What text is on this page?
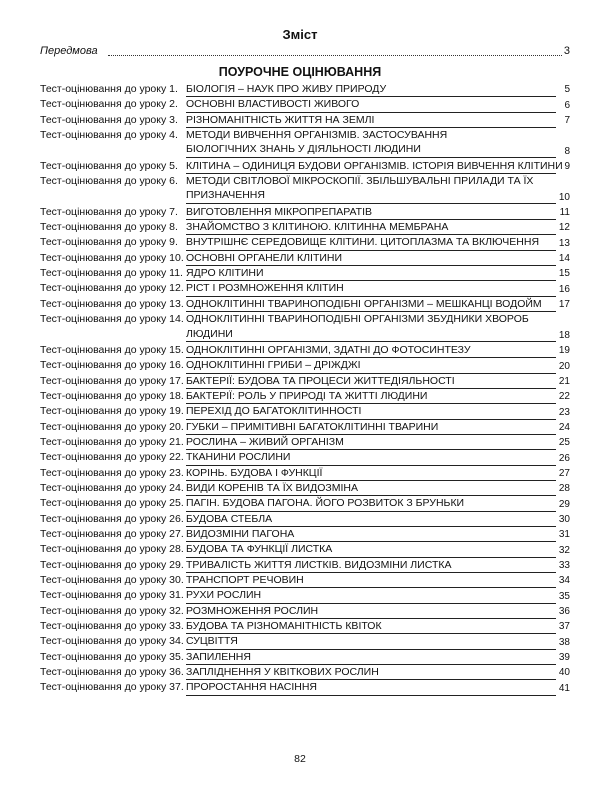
Зміст
Передмова	3
ПОУРОЧНЕ ОЦІНЮВАННЯ
Тест-оцінювання до уроку 1. БІОЛОГІЯ – НАУК ПРО ЖИВУ ПРИРОДУ	5
Тест-оцінювання до уроку 2. ОСНОВНІ ВЛАСТИВОСТІ ЖИВОГО	6
Тест-оцінювання до уроку 3. РІЗНОМАНІТНІСТЬ ЖИТТЯ НА ЗЕМЛІ	7
Тест-оцінювання до уроку 4. МЕТОДИ ВИВЧЕННЯ ОРГАНІЗМІВ. ЗАСТОСУВАННЯ
БІОЛОГІЧНИХ ЗНАНЬ У ДІЯЛЬНОСТІ ЛЮДИНИ	8
Тест-оцінювання до уроку 5. КЛІТИНА – ОДИНИЦЯ БУДОВИ ОРГАНІЗМІВ. ІСТОРІЯ ВИВЧЕННЯ КЛІТИНИ 9
Тест-оцінювання до уроку 6. МЕТОДИ СВІТЛОВОЇ МІКРОСКОПІЇ. ЗБІЛЬШУВАЛЬНІ ПРИЛАДИ ТА ЇХ
ПРИЗНАЧЕННЯ	10
Тест-оцінювання до уроку 7. ВИГОТОВЛЕННЯ МІКРОПРЕПАРАТІВ	11
Тест-оцінювання до уроку 8. ЗНАЙОМСТВО З КЛІТИНОЮ. КЛІТИННА МЕМБРАНА	12
Тест-оцінювання до уроку 9. ВНУТРІШНЄ СЕРЕДОВИЩЕ КЛІТИНИ. ЦИТОПЛАЗМА ТА ВКЛЮЧЕННЯ	13
Тест-оцінювання до уроку 10. ОСНОВНІ ОРГАНЕЛИ КЛІТИНИ	14
Тест-оцінювання до уроку 11. ЯДРО КЛІТИНИ	15
Тест-оцінювання до уроку 12. РІСТ І РОЗМНОЖЕННЯ КЛІТИН	16
Тест-оцінювання до уроку 13. ОДНОКЛІТИННІ ТВАРИНOПОДІБНІ ОРГАНІЗМИ – МЕШКАНЦІ ВОДОЙМ	17
Тест-оцінювання до уроку 14. ОДНОКЛІТИННІ ТВАРИНOПОДІБНІ ОРГАНІЗМИ ЗБУДНИКИ ХВОРОБ
ЛЮДИНИ	18
Тест-оцінювання до уроку 15. ОДНОКЛІТИННІ ОРГАНІЗМИ, ЗДАТНІ ДО ФОТОСИНТЕЗУ	19
Тест-оцінювання до уроку 16. ОДНОКЛІТИННІ ГРИБИ – ДРІЖДЖІ	20
Тест-оцінювання до уроку 17. БАКТЕРІЇ: БУДОВА ТА ПРОЦЕСИ ЖИТТЕДІЯЛЬНОСТІ	21
Тест-оцінювання до уроку 18. БАКТЕРІЇ: РОЛЬ У ПРИРОДІ ТА ЖИТТІ ЛЮДИНИ	22
Тест-оцінювання до уроку 19. ПЕРЕХІД ДО БАГАТОКЛІТИННОСТІ	23
Тест-оцінювання до уроку 20. ГУБКИ – ПРИМІТИВНІ БАГАТОКЛІТИННІ ТВАРИНИ	24
Тест-оцінювання до уроку 21. РОСЛИНА – ЖИВИЙ ОРГАНІЗМ	25
Тест-оцінювання до уроку 22. ТКАНИНИ РОСЛИНИ	26
Тест-оцінювання до уроку 23. КОРІНЬ. БУДОВА І ФУНКЦІЇ	27
Тест-оцінювання до уроку 24. ВИДИ КОРЕНІВ ТА ЇХ ВИДОЗМІНА	28
Тест-оцінювання до уроку 25. ПАГІН. БУДОВА ПАГОНА. ЙОГО РОЗВИТОК З БРУНЬКИ	29
Тест-оцінювання до уроку 26. БУДОВА СТЕБЛА	30
Тест-оцінювання до уроку 27. ВИДОЗМІНИ ПАГОНА	31
Тест-оцінювання до уроку 28. БУДОВА ТА ФУНКЦІЇ ЛИСТКА	32
Тест-оцінювання до уроку 29. ТРИВАЛІСТЬ ЖИТТЯ ЛИСТКІВ. ВИДОЗМІНИ ЛИСТКА	33
Тест-оцінювання до уроку 30. ТРАНСПОРТ РЕЧОВИН	34
Тест-оцінювання до уроку 31. РУХИ РОСЛИН	35
Тест-оцінювання до уроку 32. РОЗМНОЖЕННЯ РОСЛИН	36
Тест-оцінювання до уроку 33. БУДОВА ТА РІЗНОМАНІТНІСТЬ КВІТОК	37
Тест-оцінювання до уроку 34. СУЦВІТТЯ	38
Тест-оцінювання до уроку 35. ЗАПИЛЕННЯ	39
Тест-оцінювання до уроку 36. ЗАПЛІДНЕННЯ У КВІТКОВИХ РОСЛИН	40
Тест-оцінювання до уроку 37. ПРОРОСТАННЯ НАСІННЯ	41
82
